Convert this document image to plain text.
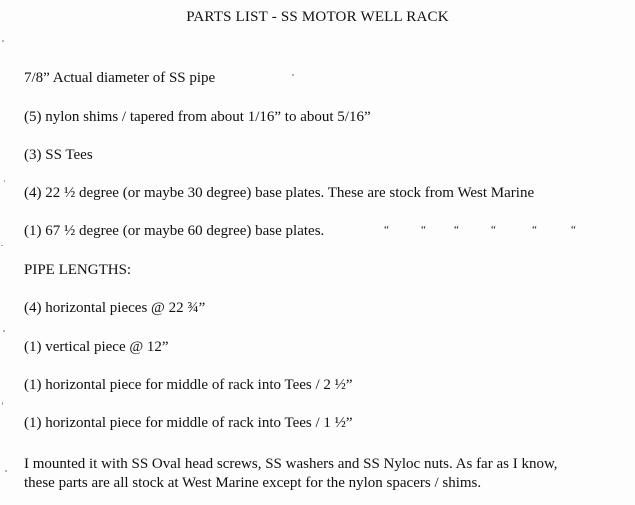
PARTS LIST - SS MOTOR WELL RACK
7/8” Actual diameter of SS pipe
(5) nylon shims / tapered from about 1/16” to about 5/16”
(3) SS Tees
(4) 22 ½ degree (or maybe 30 degree) base plates. These are stock from West Marine
(1) 67 ½ degree (or maybe 60 degree) base plates.	“	“	“	“	“	“
PIPE LENGTHS:
(4) horizontal pieces @ 22 ¾”
(1) vertical piece @ 12”
(1) horizontal piece for middle of rack into Tees / 2 ½”
(1) horizontal piece for middle of rack into Tees / 1 ½”
I mounted it with SS Oval head screws, SS washers and SS Nyloc nuts. As far as I know,
these parts are all stock at West Marine except for the nylon spacers / shims.
